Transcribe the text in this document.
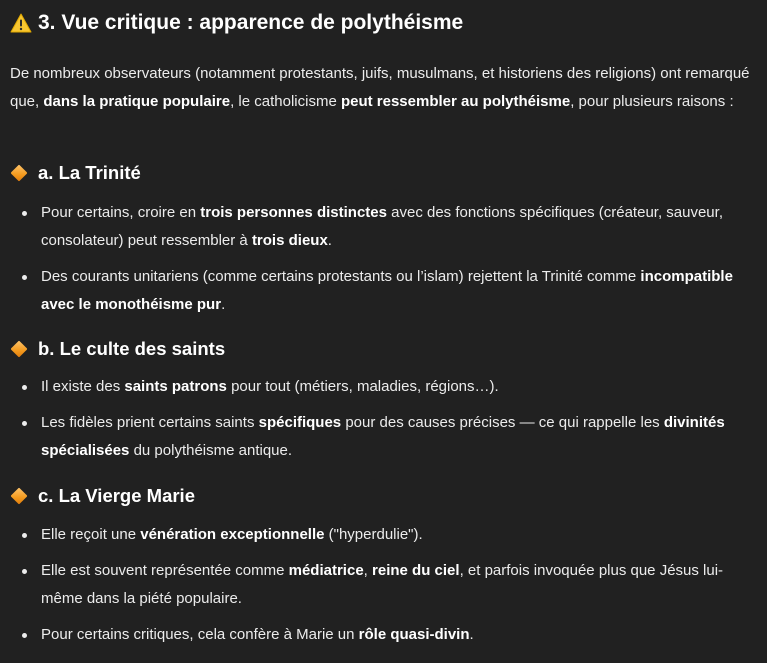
3. Vue critique : apparence de polythéisme

De nombreux observateurs (notamment protestants, juifs, musulmans, et historiens des religions) ont remarqué que, dans la pratique populaire, le catholicisme peut ressembler au polythéisme, pour plusieurs raisons :

a. La Trinité
Pour certains, croire en trois personnes distinctes avec des fonctions spécifiques (créateur, sauveur, consolateur) peut ressembler à trois dieux.
Des courants unitariens (comme certains protestants ou l’islam) rejettent la Trinité comme incompatible avec le monothéisme pur.
b. Le culte des saints
Il existe des saints patrons pour tout (métiers, maladies, régions…).
Les fidèles prient certains saints spécifiques pour des causes précises — ce qui rappelle les divinités spécialisées du polythéisme antique.
c. La Vierge Marie
Elle reçoit une vénération exceptionnelle ("hyperdulie").
Elle est souvent représentée comme médiatrice, reine du ciel, et parfois invoquée plus que Jésus lui-même dans la piété populaire.
Pour certains critiques, cela confère à Marie un rôle quasi-divin.
